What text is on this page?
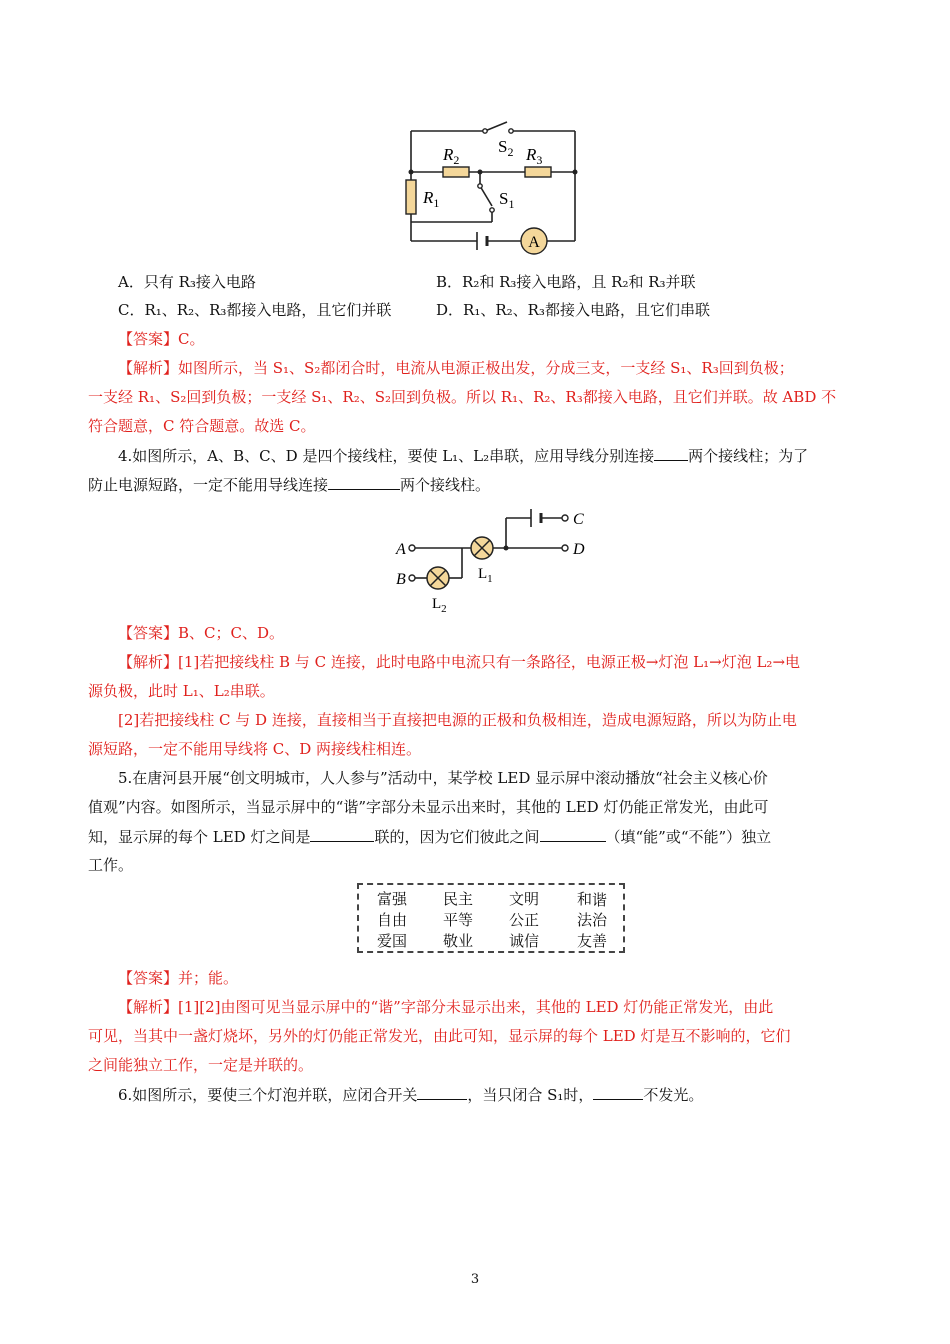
A
$R_2$	$R_3$
$R_1$
$S_2$
$S_1$
A．只有 R₃接入电路	B．R₂和 R₃接入电路，且 R₂和 R₃并联
C．R₁、R₂、R₃都接入电路，且它们并联	D．R₁、R₂、R₃都接入电路，且它们串联
【答案】C。
【解析】如图所示，当 S₁、S₂都闭合时，电流从电源正极出发，分成三支，一支经 S₁、R₃回到负极；
一支经 R₁、S₂回到负极；一支经 S₁、R₂、S₂回到负极。所以 R₁、R₂、R₃都接入电路，且它们并联。故 ABD 不
符合题意，C 符合题意。故选 C。
4.如图所示，A、B、C、D 是四个接线柱，要使 L₁、L₂串联，应用导线分别连接 两个接线柱；为了
防止电源短路，一定不能用导线连接	两个接线柱。
A
B
C
D
$L_1$
$L_2$
【答案】B、C；C、D。
【解析】[1]若把接线柱 B 与 C 连接，此时电路中电流只有一条路径，电源正极→灯泡 L₁→灯泡 L₂→电
源负极，此时 L₁、L₂串联。
[2]若把接线柱 C 与 D 连接，直接相当于直接把电源的正极和负极相连，造成电源短路，所以为防止电
源短路，一定不能用导线将 C、D 两接线柱相连。
5.在唐河县开展“创文明城市，人人参与”活动中，某学校 LED 显示屏中滚动播放“社会主义核心价
值观”内容。如图所示，当显示屏中的“谐”字部分未显示出来时，其他的 LED 灯仍能正常发光，由此可
知，显示屏的每个 LED 灯之间是	联的，因为它们彼此之间	（填“能”或“不能”）独立
工作。
富强 民主 文明	和谐
自由 平等 公正	法治
爱国 敬业 诚信	友善
【答案】并；能。
【解析】[1][2]由图可见当显示屏中的“谐”字部分未显示出来，其他的 LED 灯仍能正常发光，由此
可见，当其中一盏灯烧坏，另外的灯仍能正常发光，由此可知，显示屏的每个 LED 灯是互不影响的，它们
之间能独立工作，一定是并联的。
6.如图所示，要使三个灯泡并联，应闭合开关	，当只闭合 S₁时，	不发光。
3
